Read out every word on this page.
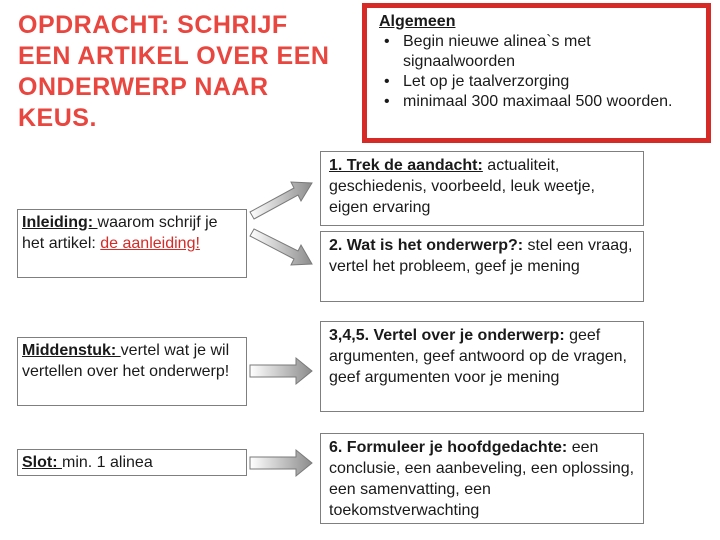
OPDRACHT: SCHRIJF
EEN ARTIKEL OVER EEN
ONDERWERP NAAR
KEUS.
Algemeen
• Begin nieuwe alinea`s met signaalwoorden
• Let op je taalverzorging
• minimaal 300 maximaal 500 woorden.
Inleiding: waarom schrijf je het artikel: de aanleiding!
Middenstuk: vertel wat je wil vertellen over het onderwerp!
Slot: min. 1 alinea
1. Trek de aandacht: actualiteit, geschiedenis, voorbeeld, leuk weetje, eigen ervaring
2. Wat is het onderwerp?: stel een vraag, vertel het probleem, geef je mening
3,4,5. Vertel over je onderwerp: geef argumenten, geef antwoord op de vragen, geef argumenten voor je mening
6. Formuleer je hoofdgedachte: een conclusie, een aanbeveling, een oplossing, een samenvatting, een toekomstverwachting
